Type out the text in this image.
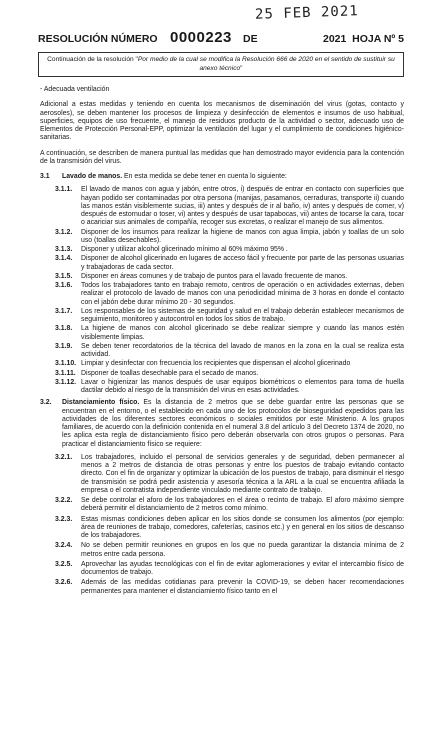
25 FEB 2021
RESOLUCIÓN NÚMERO 0000223 DE	2021 HOJA Nº 5
Continuación de la resolución "Por medio de la cual se modifica la Resolución 666 de 2020 en el sentido de sustituir su anexo técnico"

- Adecuada ventilación

Adicional a estas medidas y teniendo en cuenta los mecanismos de diseminación del virus (gotas, contacto y aerosoles), se deben mantener los procesos de limpieza y desinfección de elementos e insumos de uso habitual, superficies, equipos de uso frecuente, el manejo de residuos producto de la actividad o sector, adecuado uso de Elementos de Protección Personal-EPP, optimizar la ventilación del lugar y el cumplimiento de condiciones higiénico- sanitarias.

A continuación, se describen de manera puntual las medidas que han demostrado mayor evidencia para la contención de la transmisión del virus.

3.1	Lavado de manos. En esta medida se debe tener en cuenta lo siguiente:
3.1.1.	El lavado de manos con agua y jabón, entre otros, i) después de entrar en contacto con superficies que hayan podido ser contaminadas por otra persona (manijas, pasamanos, cerraduras, transporte ii) cuando las manos están visiblemente sucias, iii) antes y después de ir al baño, iv) antes y después de comer, v) después de estornudar o toser, vi) antes y después de usar tapabocas, vii) antes de tocarse la cara, tocar o acariciar sus animales de compañía, recoger sus excretas, o realizar el manejo de sus alimentos.
3.1.2.	Disponer de los insumos para realizar la higiene de manos con agua limpia, jabón y toallas de un solo uso (toallas desechables).
3.1.3.	Disponer y utilizar alcohol glicerinado mínimo al 60% máximo 95% .
3.1.4.	Disponer de alcohol glicerinado en lugares de acceso fácil y frecuente por parte de las personas usuarias y trabajadoras de cada sector.
3.1.5.	Disponer en áreas comunes y de trabajo de puntos para el lavado frecuente de manos.
3.1.6.	Todos los trabajadores tanto en trabajo remoto, centros de operación o en actividades externas, deben realizar el protocolo de lavado de manos con una periodicidad mínima de 3 horas en donde el contacto con el jabón debe durar mínimo 20 - 30 segundos.
3.1.7.	Los responsables de los sistemas de seguridad y salud en el trabajo deberán establecer mecanismos de seguimiento, monitoreo y autocontrol en todos los sitios de trabajo.
3.1.8.	La higiene de manos con alcohol glicerinado se debe realizar siempre y cuando las manos estén visiblemente limpias.
3.1.9.	Se deben tener recordatorios de la técnica del lavado de manos en la zona en la cual se realiza esta actividad.
3.1.10. Limpiar y desinfectar con frecuencia los recipientes que dispensan el alcohol glicerinado
3.1.11. Disponer de toallas desechable para el secado de manos.
3.1.12. Lavar o higienizar las manos después de usar equipos biométricos o elementos para toma de huella dactilar debido al riesgo de la transmisión del virus en esas actividades.
3.2.	Distanciamiento físico. Es la distancia de 2 metros que se debe guardar entre las personas que se encuentran en el entorno, o el establecido en cada uno de los protocolos de bioseguridad expedidos para las actividades de los diferentes sectores económicos o sociales emitidos por este Ministerio. A los grupos familiares, de acuerdo con la definición contenida en el numeral 3.8 del artículo 3 del Decreto 1374 de 2020, no les aplica esta regla de distanciamiento físico pero deberán observarla con otros grupos o personas. Para practicar el distanciamiento físico se requiere:
3.2.1.	Los trabajadores, incluido el personal de servicios generales y de seguridad, deben permanecer al menos a 2 metros de distancia de otras personas y entre los puestos de trabajo evitando contacto directo. Con el fin de organizar y optimizar la ubicación de los puestos de trabajo, para disminuir el riesgo de transmisión se podrá pedir asistencia y asesoría técnica a la ARL a la cual se encuentra afiliada la empresa o el contratista independiente vinculado mediante contrato de trabajo.
3.2.2.	Se debe controlar el aforo de los trabajadores en el área o recinto de trabajo. El aforo máximo siempre deberá permitir el distanciamiento de 2 metros como mínimo.
3.2.3.	Estas mismas condiciones deben aplicar en los sitios donde se consumen los alimentos (por ejemplo: área de reuniones de trabajo, comedores, cafeterías, casinos etc.) y en general en los sitios de descanso de los trabajadores.
3.2.4.	No se deben permitir reuniones en grupos en los que no pueda garantizar la distancia mínima de 2 metros entre cada persona.
3.2.5.	Aprovechar las ayudas tecnológicas con el fin de evitar aglomeraciones y evitar el intercambio físico de documentos de trabajo.
3.2.6.	Además de las medidas cotidianas para prevenir la COVID-19, se deben hacer recomendaciones permanentes para mantener el distanciamiento físico tanto en el
